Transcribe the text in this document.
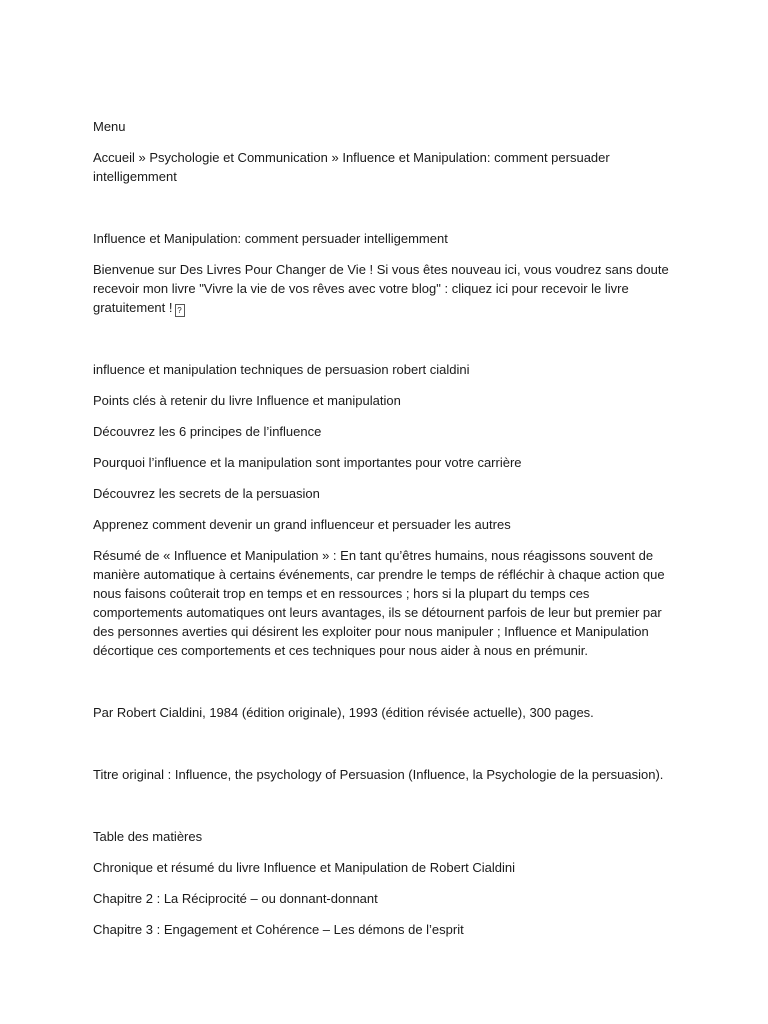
Menu

Accueil » Psychologie et Communication » Influence et Manipulation: comment persuader intelligemment

Influence et Manipulation: comment persuader intelligemment

Bienvenue sur Des Livres Pour Changer de Vie ! Si vous êtes nouveau ici, vous voudrez sans doute recevoir mon livre "Vivre la vie de vos rêves avec votre blog" : cliquez ici pour recevoir le livre gratuitement ! ?

influence et manipulation techniques de persuasion robert cialdini

Points clés à retenir du livre Influence et manipulation

Découvrez les 6 principes de l’influence

Pourquoi l’influence et la manipulation sont importantes pour votre carrière

Découvrez les secrets de la persuasion

Apprenez comment devenir un grand influenceur et persuader les autres

Résumé de « Influence et Manipulation » : En tant qu’êtres humains, nous réagissons souvent de manière automatique à certains événements, car prendre le temps de réfléchir à chaque action que nous faisons coûterait trop en temps et en ressources ; hors si la plupart du temps ces comportements automatiques ont leurs avantages, ils se détournent parfois de leur but premier par des personnes averties qui désirent les exploiter pour nous manipuler ; Influence et Manipulation décortique ces comportements et ces techniques pour nous aider à nous en prémunir.

Par Robert Cialdini, 1984 (édition originale), 1993 (édition révisée actuelle), 300 pages.

Titre original : Influence, the psychology of Persuasion (Influence, la Psychologie de la persuasion).

Table des matières

Chronique et résumé du livre Influence et Manipulation de Robert Cialdini

Chapitre 2 : La Réciprocité – ou donnant-donnant

Chapitre 3 : Engagement et Cohérence – Les démons de l’esprit
